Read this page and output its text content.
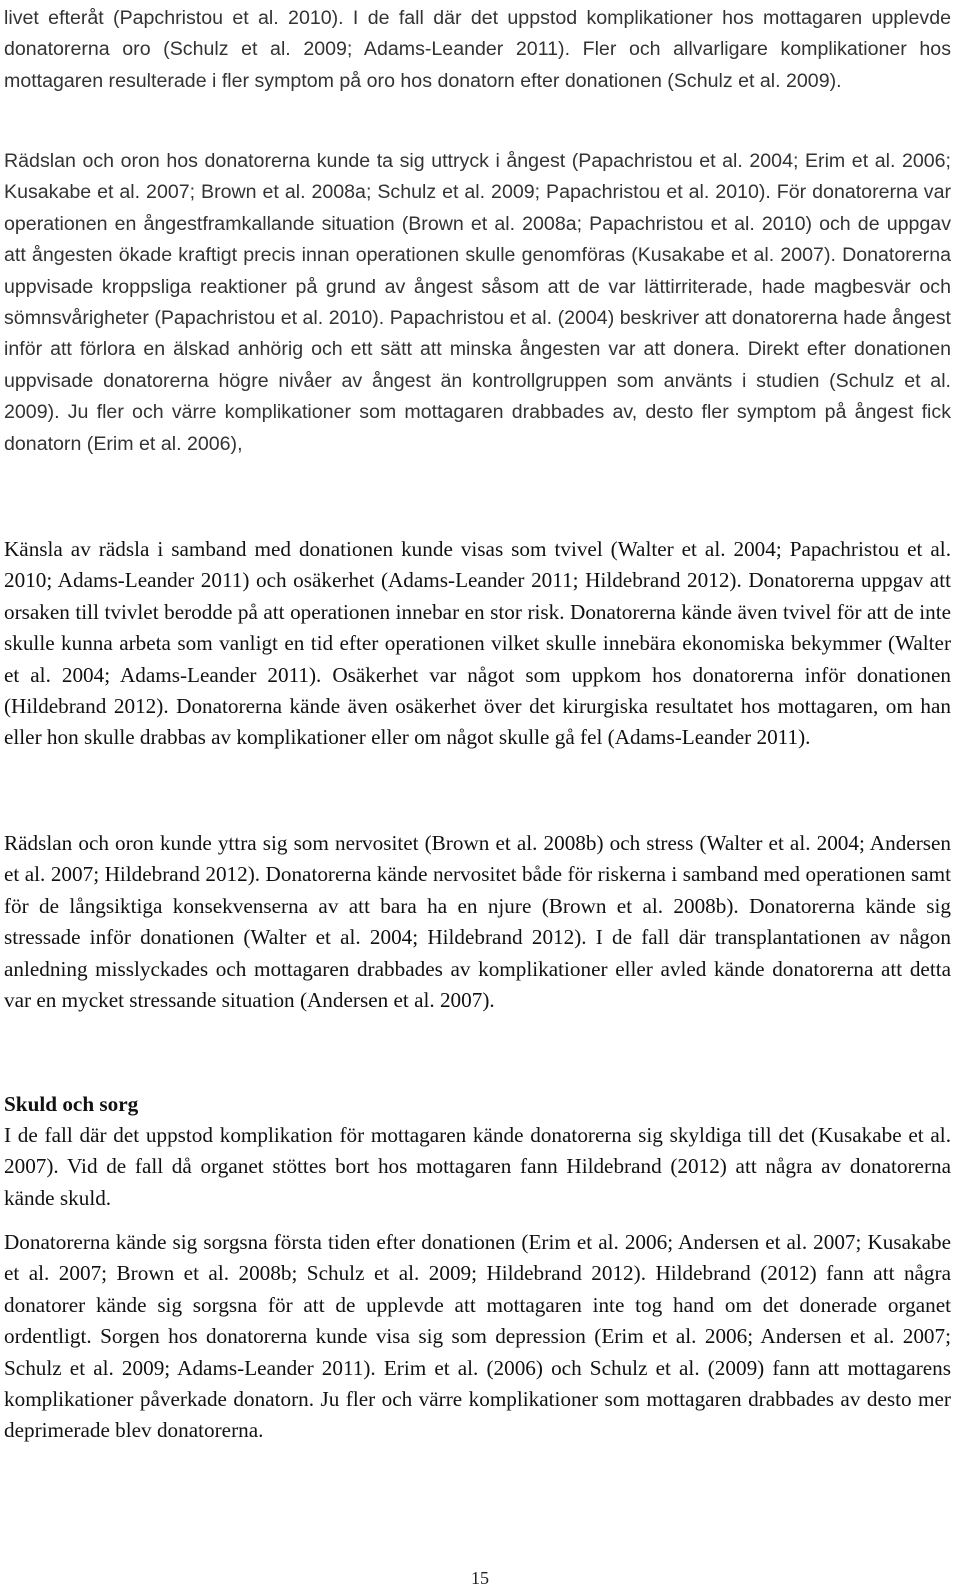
livet efteråt (Papchristou et al. 2010). I de fall där det uppstod komplikationer hos mottagaren upplevde donatorerna oro (Schulz et al. 2009; Adams-Leander 2011). Fler och allvarligare komplikationer hos mottagaren resulterade i fler symptom på oro hos donatorn efter donationen (Schulz et al. 2009).

Rädslan och oron hos donatorerna kunde ta sig uttryck i ångest (Papachristou et al. 2004; Erim et al. 2006; Kusakabe et al. 2007; Brown et al. 2008a; Schulz et al. 2009; Papachristou et al. 2010). För donatorerna var operationen en ångestframkallande situation (Brown et al. 2008a; Papachristou et al. 2010) och de uppgav att ångesten ökade kraftigt precis innan operationen skulle genomföras (Kusakabe et al. 2007). Donatorerna uppvisade kroppsliga reaktioner på grund av ångest såsom att de var lättirriterade, hade magbesvär och sömnsvårigheter (Papachristou et al. 2010). Papachristou et al. (2004) beskriver att donatorerna hade ångest inför att förlora en älskad anhörig och ett sätt att minska ångesten var att donera. Direkt efter donationen uppvisade donatorerna högre nivåer av ångest än kontrollgruppen som använts i studien (Schulz et al. 2009). Ju fler och värre komplikationer som mottagaren drabbades av, desto fler symptom på ångest fick donatorn (Erim et al. 2006),

Känsla av rädsla i samband med donationen kunde visas som tvivel (Walter et al. 2004; Papachristou et al. 2010; Adams-Leander 2011) och osäkerhet (Adams-Leander 2011; Hildebrand 2012). Donatorerna uppgav att orsaken till tvivlet berodde på att operationen innebar en stor risk. Donatorerna kände även tvivel för att de inte skulle kunna arbeta som vanligt en tid efter operationen vilket skulle innebära ekonomiska bekymmer (Walter et al. 2004; Adams-Leander 2011). Osäkerhet var något som uppkom hos donatorerna inför donationen (Hildebrand 2012). Donatorerna kände även osäkerhet över det kirurgiska resultatet hos mottagaren, om han eller hon skulle drabbas av komplikationer eller om något skulle gå fel (Adams-Leander 2011).

Rädslan och oron kunde yttra sig som nervositet (Brown et al. 2008b) och stress (Walter et al. 2004; Andersen et al. 2007; Hildebrand 2012). Donatorerna kände nervositet både för riskerna i samband med operationen samt för de långsiktiga konsekvenserna av att bara ha en njure (Brown et al. 2008b). Donatorerna kände sig stressade inför donationen (Walter et al. 2004; Hildebrand 2012). I de fall där transplantationen av någon anledning misslyckades och mottagaren drabbades av komplikationer eller avled kände donatorerna att detta var en mycket stressande situation (Andersen et al. 2007).

Skuld och sorg

I de fall där det uppstod komplikation för mottagaren kände donatorerna sig skyldiga till det (Kusakabe et al. 2007). Vid de fall då organet stöttes bort hos mottagaren fann Hildebrand (2012) att några av donatorerna kände skuld.

Donatorerna kände sig sorgsna första tiden efter donationen (Erim et al. 2006; Andersen et al. 2007; Kusakabe et al. 2007; Brown et al. 2008b; Schulz et al. 2009; Hildebrand 2012). Hildebrand (2012) fann att några donatorer kände sig sorgsna för att de upplevde att mottagaren inte tog hand om det donerade organet ordentligt. Sorgen hos donatorerna kunde visa sig som depression (Erim et al. 2006; Andersen et al. 2007; Schulz et al. 2009; Adams-Leander 2011). Erim et al. (2006) och Schulz et al. (2009) fann att mottagarens komplikationer påverkade donatorn. Ju fler och värre komplikationer som mottagaren drabbades av desto mer deprimerade blev donatorerna.

15
